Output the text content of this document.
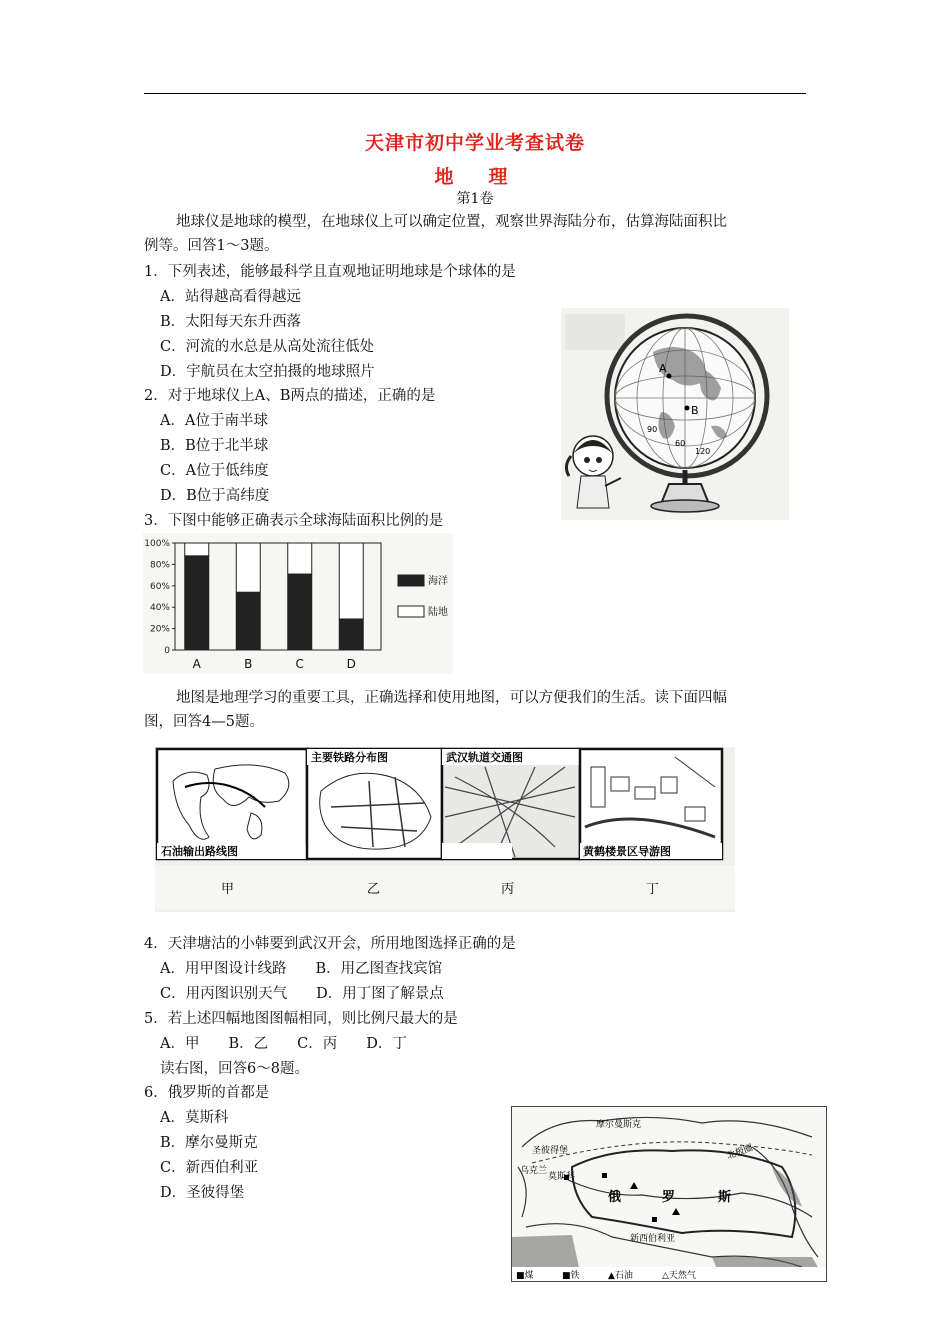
天津市初中学业考查试卷
地　理
第1卷
地球仪是地球的模型，在地球仪上可以确定位置，观察世界海陆分布，估算海陆面积比
例等。回答1～3题。
1．下列表述，能够最科学且直观地证明地球是个球体的是
A．站得越高看得越远
B．太阳每天东升西落
C．河流的水总是从高处流往低处
D．宇航员在太空拍摄的地球照片
2．对于地球仪上A、B两点的描述，正确的是
A．A位于南半球
B．B位于北半球
C．A位于低纬度
D．B位于高纬度
3．下图中能够正确表示全球海陆面积比例的是
A
B
90
60
120
0
20%
40%
60%
80%
100%
A	B	C	D
海洋
陆地
地图是地理学习的重要工具，正确选择和使用地图，可以方便我们的生活。读下面四幅
图，回答4—5题。
石油输出路线图
主要铁路分布图	武汉轨道交通图
黄鹤楼景区导游图
甲	乙	丙	丁
4．天津塘沽的小韩要到武汉开会，所用地图选择正确的是
A．用甲图设计线路　　B．用乙图查找宾馆
C．用丙图识别天气　　D．用丁图了解景点
5．若上述四幅地图图幅相同，则比例尺最大的是
A．甲　　B．乙　　C．丙　　D．丁
读右图，回答6～8题。
6．俄罗斯的首都是
A．莫斯科
B．摩尔曼斯克
C．新西伯利亚
D．圣彼得堡
摩尔曼斯克
圣彼得堡
莫斯科
乌克兰
俄	罗	斯
新西伯利亚
北极圈
■煤	■铁	▲石油	△天然气
